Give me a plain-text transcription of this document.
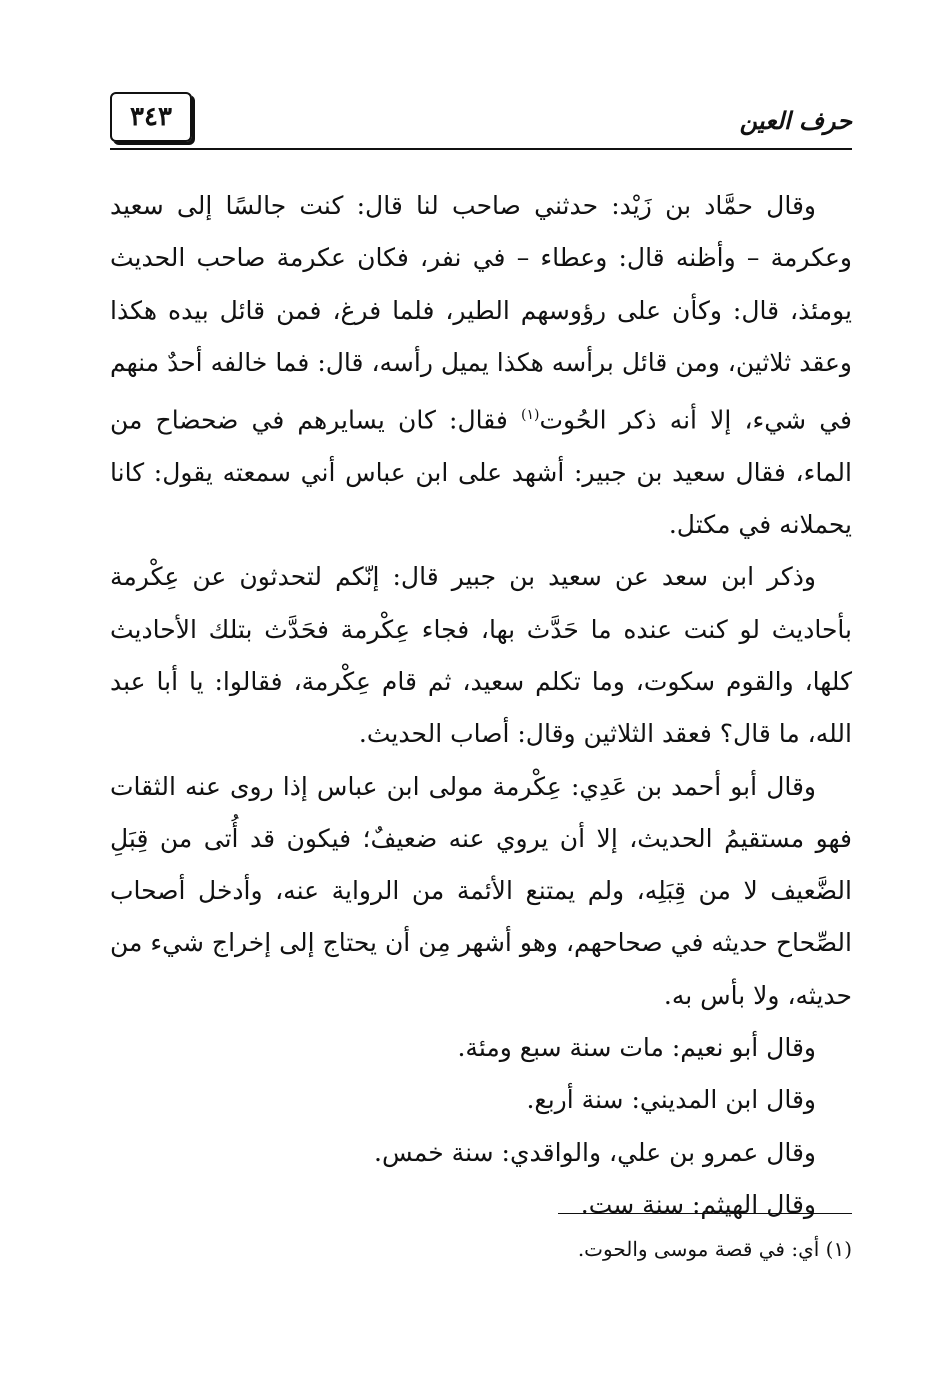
٣٤٣	حرف العين

وقال حمَّاد بن زَيْد: حدثني صاحب لنا قال: كنت جالسًا إلى سعيد وعكرمة – وأظنه قال: وعطاء – في نفر، فكان عكرمة صاحب الحديث يومئذ، قال: وكأن على رؤوسهم الطير، فلما فرغ، فمن قائل بيده هكذا وعقد ثلاثين، ومن قائل برأسه هكذا يميل رأسه، قال: فما خالفه أحدٌ منهم في شيء، إلا أنه ذكر الحُوت$^{(١)}$ فقال: كان يسايرهم في ضحضاح من الماء، فقال سعيد بن جبير: أشهد على ابن عباس أني سمعته يقول: كانا يحملانه في مكتل.

وذكر ابن سعد عن سعيد بن جبير قال: إنّكم لتحدثون عن عِكْرمة بأحاديث لو كنت عنده ما حَدَّث بها، فجاء عِكْرمة فحَدَّث بتلك الأحاديث كلها، والقوم سكوت، وما تكلم سعيد، ثم قام عِكْرمة، فقالوا: يا أبا عبد الله، ما قال؟ فعقد الثلاثين وقال: أصاب الحديث.

وقال أبو أحمد بن عَدِي: عِكْرمة مولى ابن عباس إذا روى عنه الثقات فهو مستقيمُ الحديث، إلا أن يروي عنه ضعيفٌ؛ فيكون قد أُتى من قِبَلِ الضَّعيف لا من قِبَلِه، ولم يمتنع الأئمة من الرواية عنه، وأدخل أصحاب الصِّحاح حديثه في صحاحهم، وهو أشهر مِن أن يحتاج إلى إخراج شيء من حديثه، ولا بأس به.

وقال أبو نعيم: مات سنة سبع ومئة.

وقال ابن المديني: سنة أربع.

وقال عمرو بن علي، والواقدي: سنة خمس.

وقال الهيثم: سنة ست.

(١) أي: في قصة موسى والحوت.
